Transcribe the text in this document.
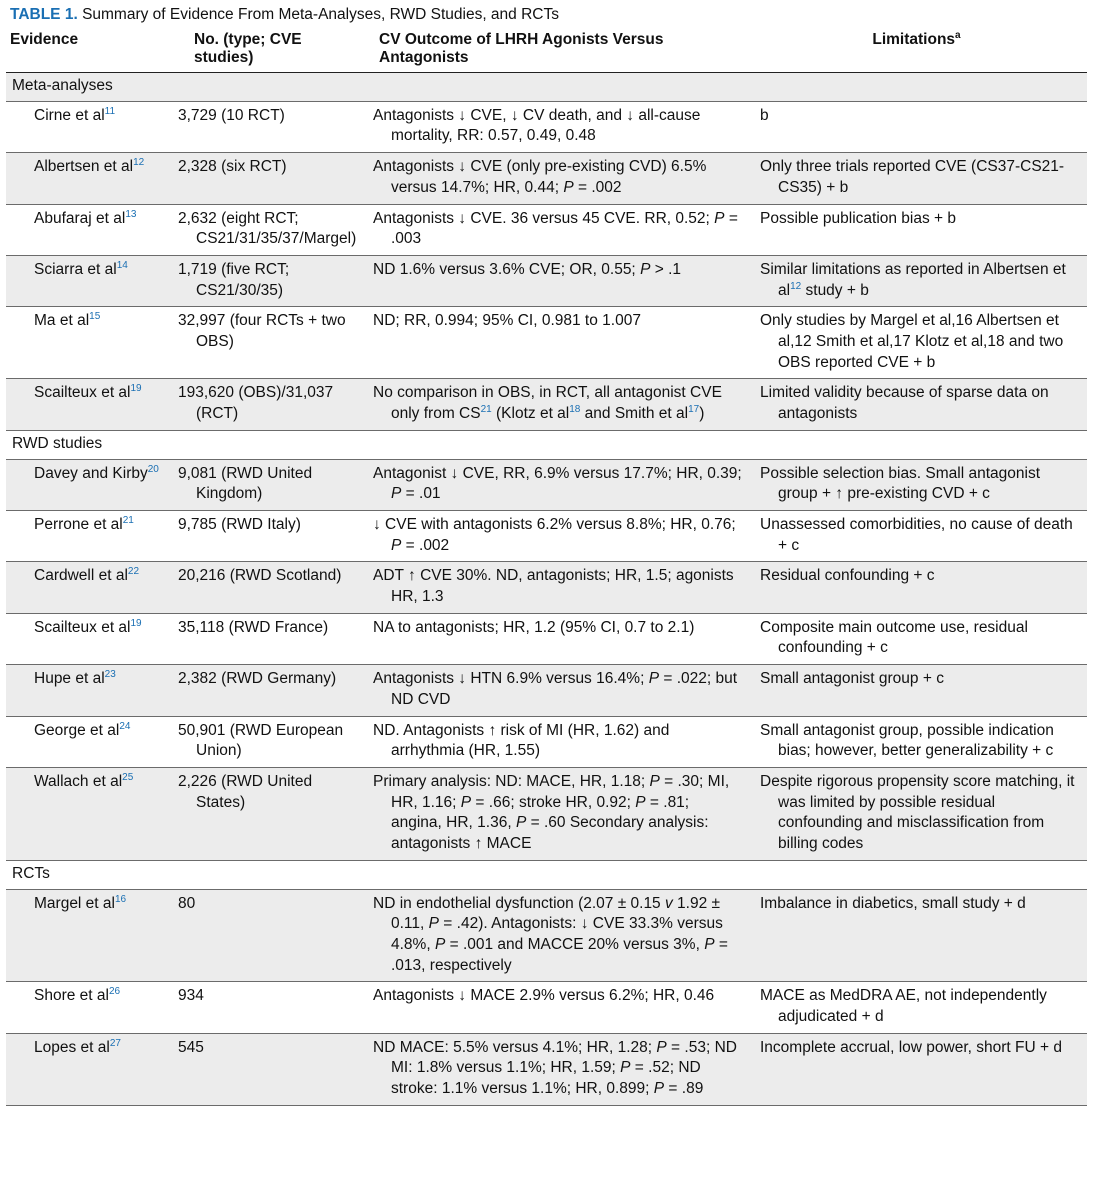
TABLE 1. Summary of Evidence From Meta-Analyses, RWD Studies, and RCTs
Evidence	No. (type; CVE studies)	CV Outcome of LHRH Agonists Versus Antagonists	Limitations$^a$
Meta-analyses			
Cirne et al$^{11}$	3,729 (10 RCT)	Antagonists ↓ CVE, ↓ CV death, and ↓ all-cause mortality, RR: 0.57, 0.49, 0.48	b

Albertsen et al$^{12}$	2,328 (six RCT)	Antagonists ↓ CVE (only pre-existing CVD) 6.5% versus 14.7%; HR, 0.44; P = .002	Only three trials reported CVE (CS37-CS21-CS35) + b

Abufaraj et al$^{13}$	2,632 (eight RCT; CS21/31/35/37/Margel)	Antagonists ↓ CVE. 36 versus 45 CVE. RR, 0.52; P = .003	Possible publication bias + b

Sciarra et al$^{14}$	1,719 (five RCT; CS21/30/35)	ND 1.6% versus 3.6% CVE; OR, 0.55; P > .1	Similar limitations as reported in Albertsen et al$^{12}$ study + b

Ma et al$^{15}$	32,997 (four RCTs + two OBS)	ND; RR, 0.994; 95% CI, 0.981 to 1.007	Only studies by Margel et al,16 Albertsen et al,12 Smith et al,17 Klotz et al,18 and two OBS reported CVE + b

Scailteux et al$^{19}$	193,620 (OBS)/31,037 (RCT)	No comparison in OBS, in RCT, all antagonist CVE only from CS$^{21}$ (Klotz et al$^{18}$ and Smith et al$^{17}$)	Limited validity because of sparse data on antagonists

RWD studies			
Davey and Kirby$^{20}$	9,081 (RWD United Kingdom)	Antagonist ↓ CVE, RR, 6.9% versus 17.7%; HR, 0.39; P = .01	Possible selection bias. Small antagonist group + ↑ pre-existing CVD + c

Perrone et al$^{21}$	9,785 (RWD Italy)	↓ CVE with antagonists 6.2% versus 8.8%; HR, 0.76; P = .002	Unassessed comorbidities, no cause of death + c

Cardwell et al$^{22}$	20,216 (RWD Scotland)	ADT ↑ CVE 30%. ND, antagonists; HR, 1.5; agonists HR, 1.3	Residual confounding + c

Scailteux et al$^{19}$	35,118 (RWD France)	NA to antagonists; HR, 1.2 (95% CI, 0.7 to 2.1)	Composite main outcome use, residual confounding + c

Hupe et al$^{23}$	2,382 (RWD Germany)	Antagonists ↓ HTN 6.9% versus 16.4%; P = .022; but ND CVD	Small antagonist group + c

George et al$^{24}$	50,901 (RWD European Union)	ND. Antagonists ↑ risk of MI (HR, 1.62) and arrhythmia (HR, 1.55)	Small antagonist group, possible indication bias; however, better generalizability + c

Wallach et al$^{25}$	2,226 (RWD United States)	Primary analysis: ND: MACE, HR, 1.18; P = .30; MI, HR, 1.16; P = .66; stroke HR, 0.92; P = .81; angina, HR, 1.36, P = .60 Secondary analysis: antagonists ↑ MACE	Despite rigorous propensity score matching, it was limited by possible residual confounding and misclassification from billing codes

RCTs			
Margel et al$^{16}$	80	ND in endothelial dysfunction (2.07 ± 0.15 v 1.92 ± 0.11, P = .42). Antagonists: ↓ CVE 33.3% versus 4.8%, P = .001 and MACCE 20% versus 3%, P = .013, respectively	Imbalance in diabetics, small study + d

Shore et al$^{26}$	934	Antagonists ↓ MACE 2.9% versus 6.2%; HR, 0.46	MACE as MedDRA AE, not independently adjudicated + d

Lopes et al$^{27}$	545	ND MACE: 5.5% versus 4.1%; HR, 1.28; P = .53; ND MI: 1.8% versus 1.1%; HR, 1.59; P = .52; ND stroke: 1.1% versus 1.1%; HR, 0.899; P = .89	Incomplete accrual, low power, short FU + d
